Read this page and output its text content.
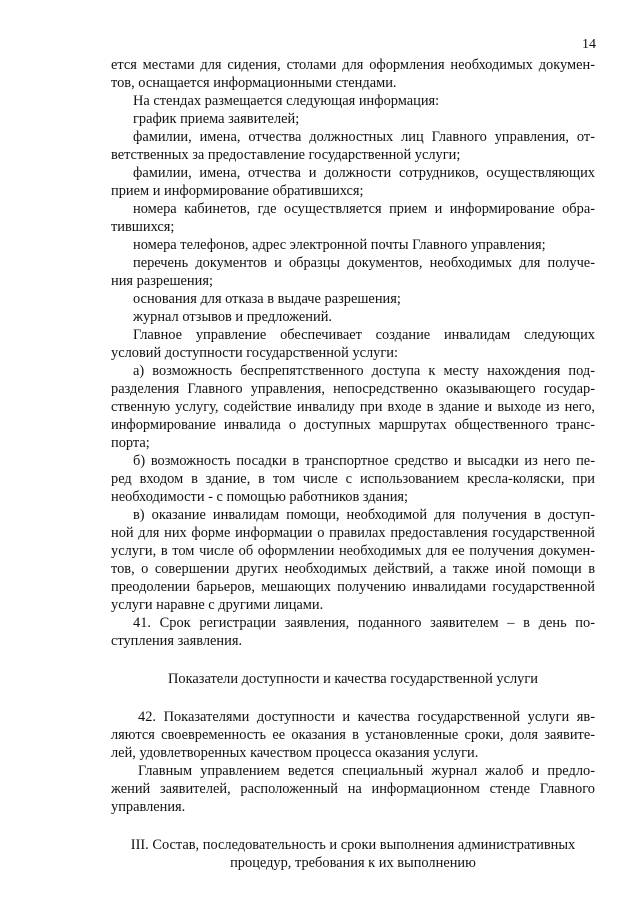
14
ется местами для сидения, столами для оформления необходимых докумен-
тов, оснащается информационными стендами.
На стендах размещается следующая информация:
график приема заявителей;
фамилии, имена, отчества должностных лиц Главного управления, от-
ветственных за предоставление государственной услуги;
фамилии, имена, отчества и должности сотрудников, осуществляющих
прием и информирование обратившихся;
номера кабинетов, где осуществляется прием и информирование обра-
тившихся;
номера телефонов, адрес электронной почты Главного управления;
перечень документов и образцы документов, необходимых для получе-
ния разрешения;
основания для отказа в выдаче разрешения;
журнал отзывов и предложений.
Главное управление обеспечивает создание инвалидам следующих
условий доступности государственной услуги:
а) возможность беспрепятственного доступа к месту нахождения под-
разделения Главного управления, непосредственно оказывающего государ-
ственную услугу, содействие инвалиду при входе в здание и выходе из него,
информирование инвалида о доступных маршрутах общественного транс-
порта;
б) возможность посадки в транспортное средство и высадки из него пе-
ред входом в здание, в том числе с использованием кресла-коляски, при
необходимости - с помощью работников здания;
в) оказание инвалидам помощи, необходимой для получения в доступ-
ной для них форме информации о правилах предоставления государственной
услуги, в том числе об оформлении необходимых для ее получения докумен-
тов, о совершении других необходимых действий, а также иной помощи в
преодолении барьеров, мешающих получению инвалидами государственной
услуги наравне с другими лицами.
41. Срок регистрации заявления, поданного заявителем – в день по-
ступления заявления.
Показатели доступности и качества государственной услуги
42. Показателями доступности и качества государственной услуги яв-
ляются своевременность ее оказания в установленные сроки, доля заявите-
лей, удовлетворенных качеством процесса оказания услуги.
Главным управлением ведется специальный журнал жалоб и предло-
жений заявителей, расположенный на информационном стенде Главного
управления.
III. Состав, последовательность и сроки выполнения административных
процедур, требования к их выполнению
